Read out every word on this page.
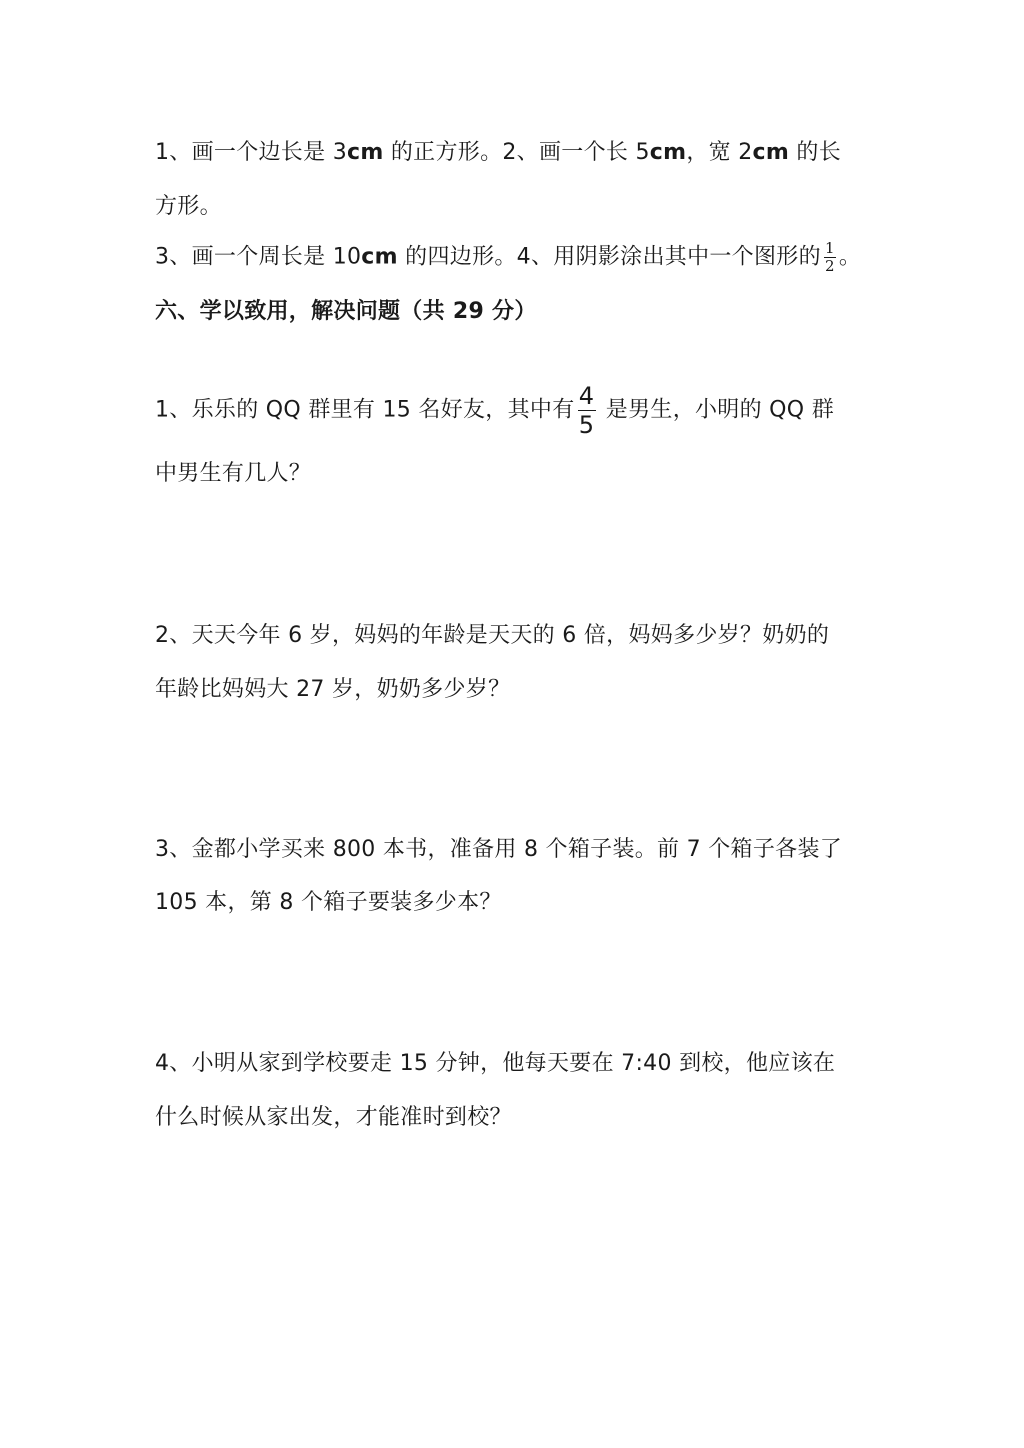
1、画一个边长是 3cm 的正方形。2、画一个长 5cm，宽 2cm 的长
方形。
3、画一个周长是 10cm 的四边形。4、用阴影涂出其中一个图形的 $\frac{1}{2}$ 。
六、学以致用，解决问题（共 29 分）
1、乐乐的 QQ 群里有 15 名好友，其中有 $\frac{4}{5}$ 是男生，小明的 QQ 群
中男生有几人？
2、天天今年 6 岁，妈妈的年龄是天天的 6 倍，妈妈多少岁？奶奶的
年龄比妈妈大 27 岁，奶奶多少岁？
3、金都小学买来 800 本书，准备用 8 个箱子装。前 7 个箱子各装了
105 本，第 8 个箱子要装多少本？
4、小明从家到学校要走 15 分钟，他每天要在 7:40 到校，他应该在
什么时候从家出发，才能准时到校？
